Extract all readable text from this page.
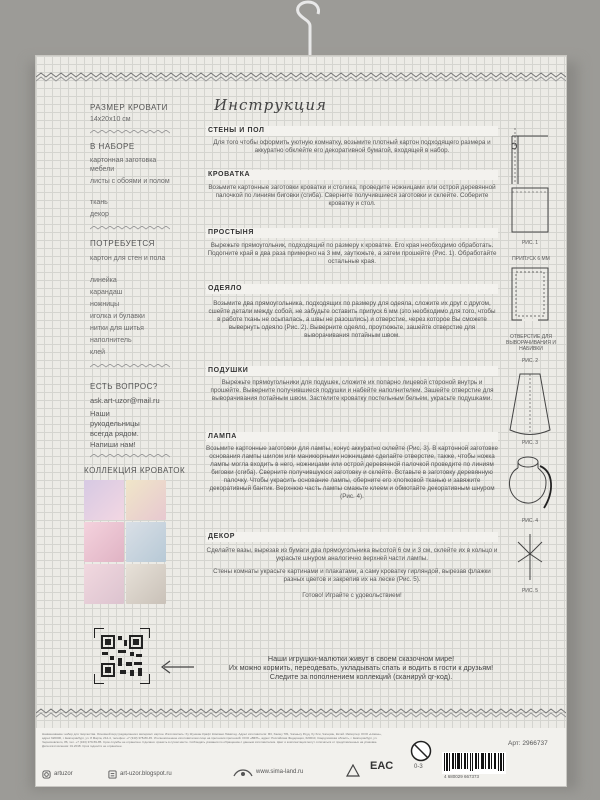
РАЗМЕР КРОВАТИ
14x20x10 см
В НАБОРЕ
картонная заготовка мебели
листы с обоями и полом
ткань
декор
ПОТРЕБУЕТСЯ
картон для стен и пола
линейка
карандаш
ножницы
иголка и булавки
нитки для шитья
наполнитель
клей
ЕСТЬ ВОПРОС?
ask.art-uzor@mail.ru
Наши
рукодельницы
всегда рядом.
Напиши нам!
КОЛЛЕКЦИЯ КРОВАТОК
Инструкция
СТЕНЫ И ПОЛ
Для того чтобы оформить уютную комнатку, возьмите плотный картон подходящего размера и аккуратно обклейте его декоративной бумагой, входящей в набор.
КРОВАТКА
Возьмите картонные заготовки кроватки и столика, проведите ножницами или острой деревянной палочкой по линиям биговки (сгиба). Сверните получившиеся заготовки и склейте. Соберите кроватку и стол.
ПРОСТЫНЯ
Вырежьте прямоугольник, подходящий по размеру к кроватке. Его края необходимо обработать. Подогните край в два раза примерно на 3 мм, заутюжьте, а затем прошейте (Рис. 1). Обработайте остальные края.
ОДЕЯЛО
Возьмите два прямоугольника, подходящих по размеру для одеяла, сложите их друг с другом, сшейте детали между собой, не забудьте оставить припуск 6 мм (это необходимо для того, чтобы в работе ткань не осыпалась, а швы не разошлись) и отверстие, через которое Вы сможете вывернуть одеяло (Рис. 2). Выверните одеяло, проутюжьте, зашейте отверстие для выворачивания потайным швом.
ПОДУШКИ
Вырежьте прямоугольники для подушек, сложите их попарно лицевой стороной внутрь и прошейте. Выверните получившиеся подушки и набейте наполнителем. Зашейте отверстие для выворачивания потайным швом. Застелите кроватку постельным бельем, украсьте подушками.
ЛАМПА
Возьмите картонные заготовки для лампы, конус аккуратно склейте (Рис. 3). В картонной заготовке основания лампы шилом или маникюрными ножницами сделайте отверстие, также, чтобы ножка лампы могла входить в него, ножницами или острой деревянной палочкой проведите по линиям биговки (сгиба). Сверните получившуюся заготовку и склейте. Вставьте в заготовку деревянную палочку. Чтобы украсить основание лампы, оберните его хлопковой тканью и завяжите декоративный бантик. Верхнюю часть лампы смажьте клеем и обмотайте декоративным шнуром (Рис. 4).
ДЕКОР
Сделайте вазы, вырезав из бумаги два прямоугольника высотой 6 см и 3 см, склейте их в кольцо и украсьте шнуром аналогично верхней части лампы.
Стены комнаты украсьте картинами и плакатами, а саму кроватку гирляндой, вырезав флажки разных цветов и закрепив их на леске (Рис. 5).
Готово! Играйте с удовольствием!
РИС. 1
ПРИПУСК 6 ММ
ОТВЕРСТИЕ ДЛЯ ВЫВОРАЧИВАНИЯ И НАБИВКИ
РИС. 2
РИС. 3
РИС. 4
РИС. 5
Наши игрушки-малютки живут в своем сказочном мире!
Их можно кормить, переодевать, укладывать спать и водить в гости к друзьям!
Следите за пополнением коллекций (сканируй qr-код).
Наименование: набор для творчества. Основной вид традиционного материал: картон. Изготовитель: Ху Жуншан Крафт Компани Лимитед. Адрес изготовителя: Ф3, Хаишу 781, Чжэньху Роуд, Ху Хси, Чжэцзян, Китай. Импортер: ООО «Новое», адрес 620000, г. Екатеринбург, ул. 8 Марта, 212-4, телефон: +7 (343) 378-80-45. Уполномоченное изготовителем лицо на претензии претензий: ООО «ВФП», адрес: Российская Федерация, 620010, Свердловская область, г. Екатеринбург, ул. Черняховского, 86, тел. +7 (343) 379-59-85. Срок службы не ограничен. Сделано: хранить в сухом месте. Соблюдать указания по обращению с данным изготовителем. Цвет и комплектация могут отличаться от представленных на упаковке. Дата изготовления: 01.2018. Срок годности не ограничен.
artuzor	art-uzor.blogspot.ru	www.sima-land.ru	EAC	0-3
4 680029 667373
Арт: 2966737
